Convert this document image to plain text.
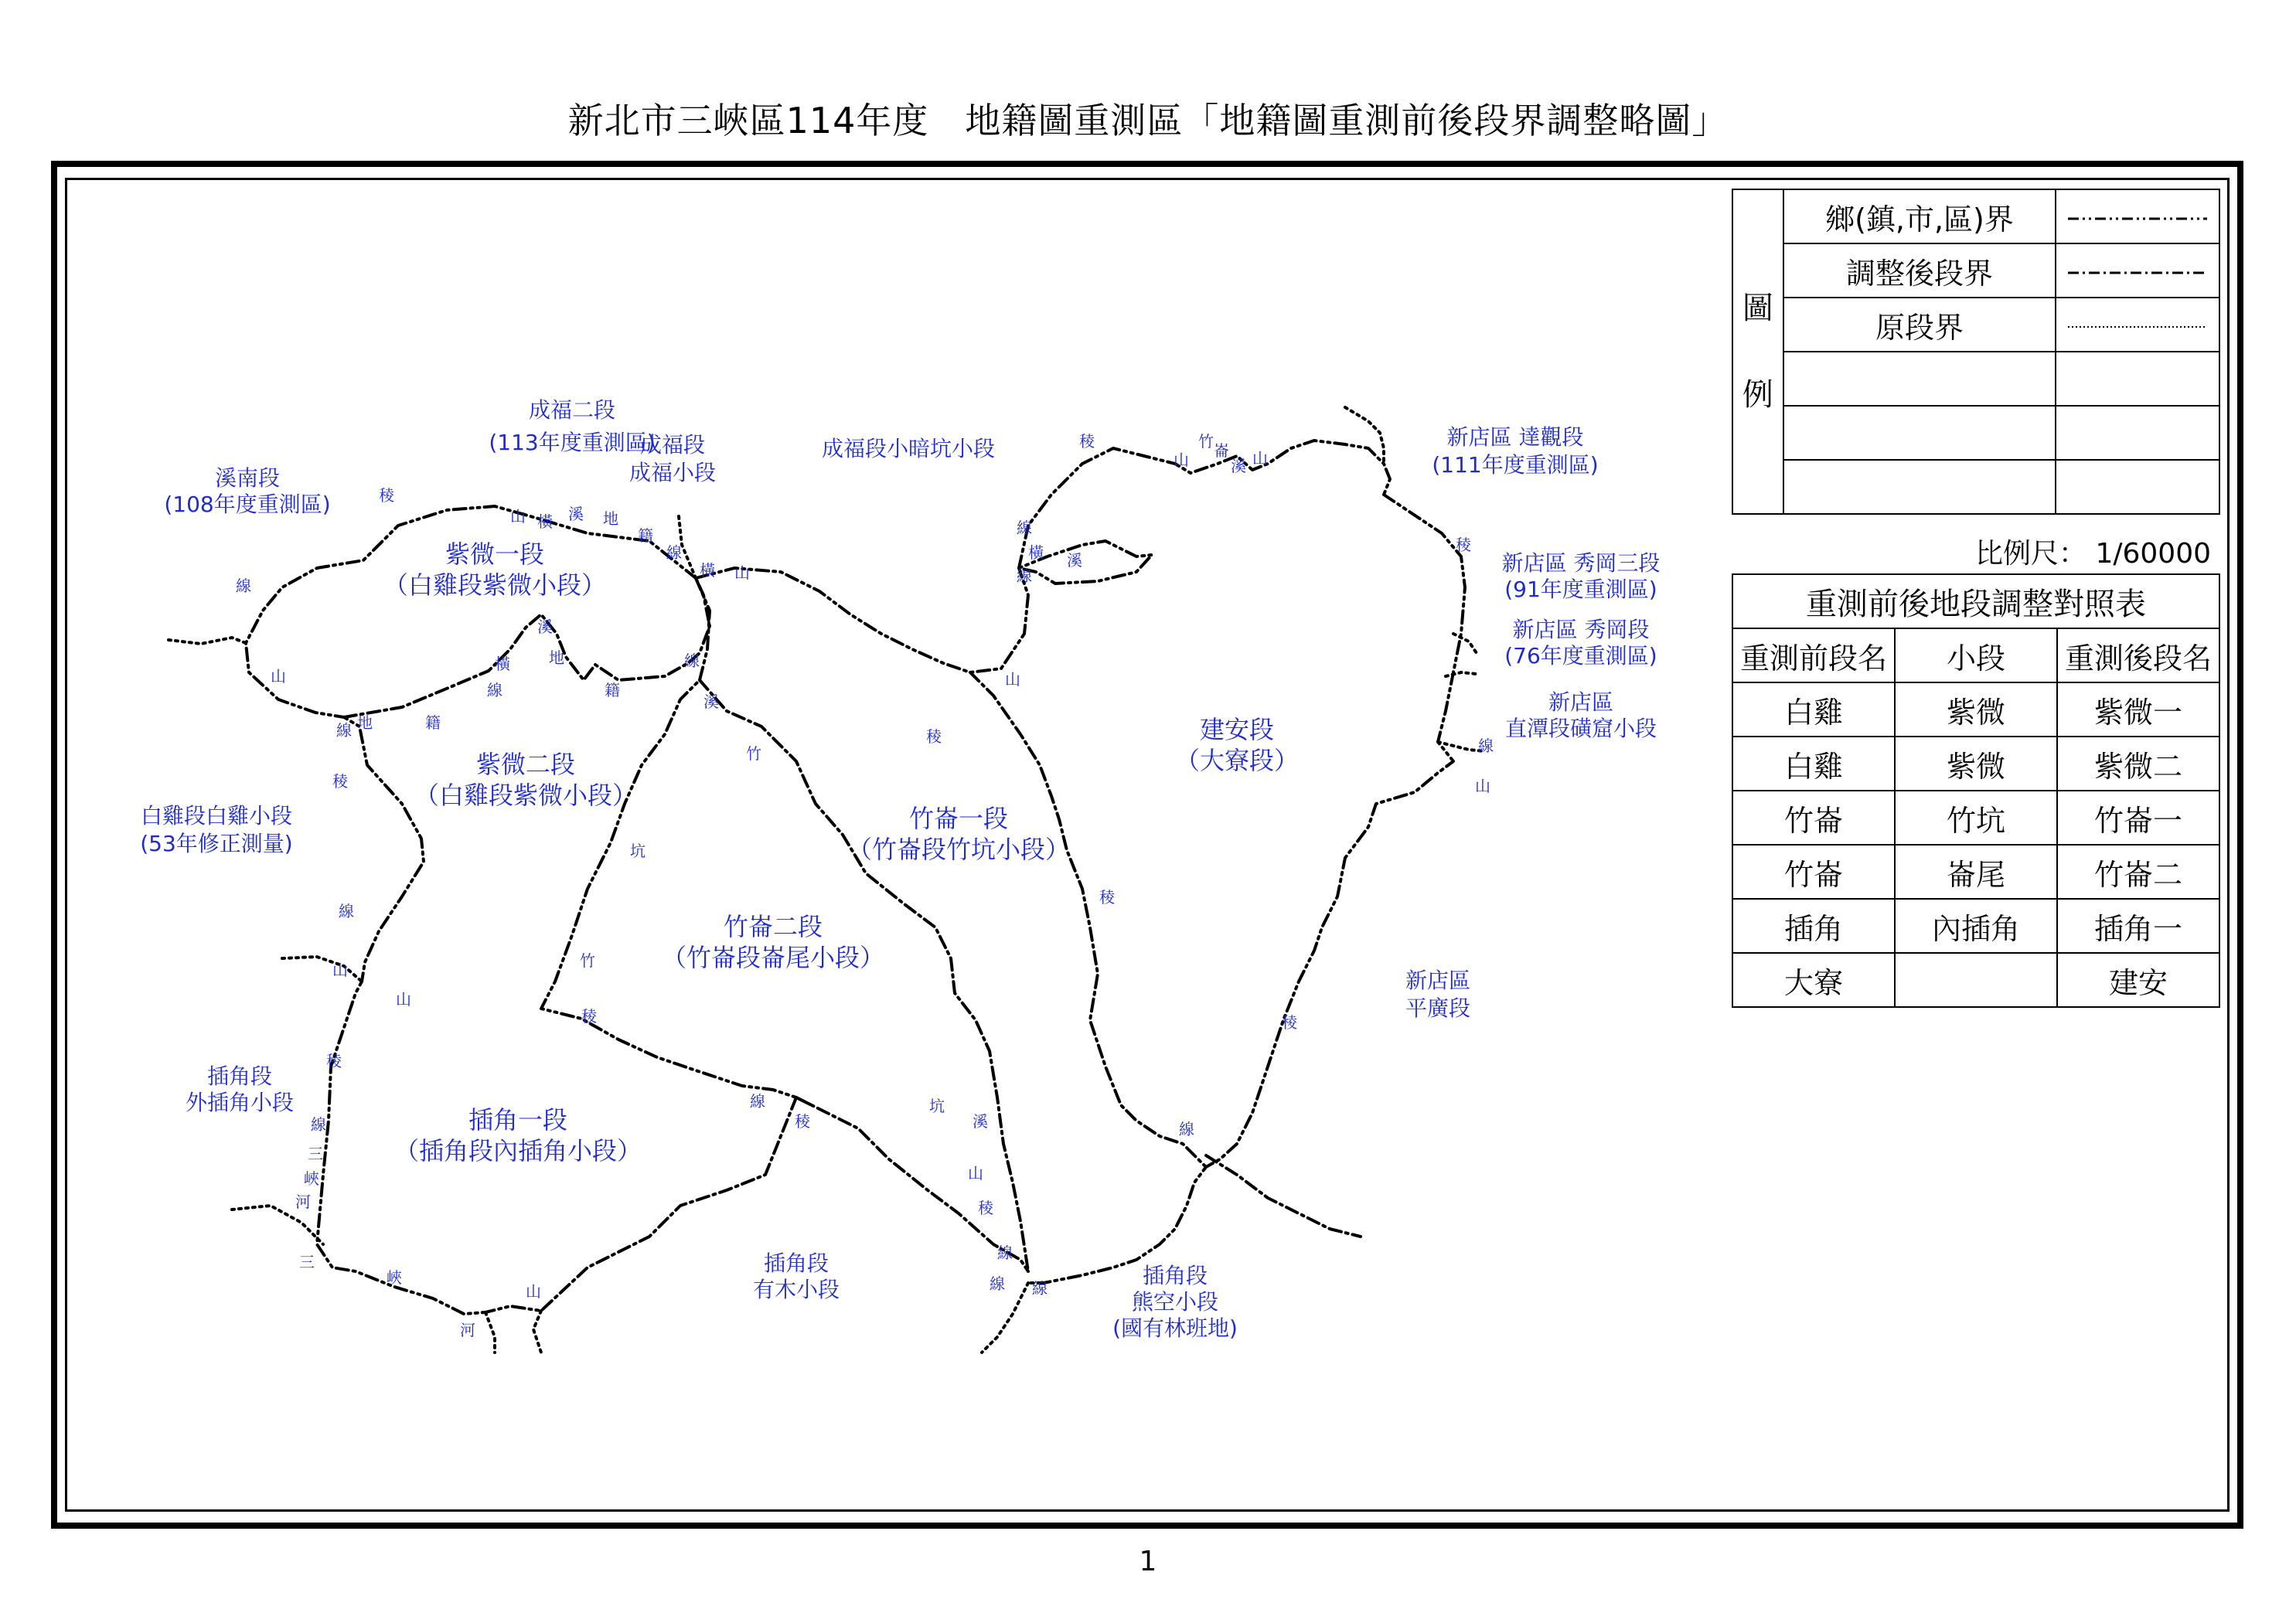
新北市三峽區114年度　地籍圖重測區「地籍圖重測前後段界調整略圖」
紫微一段
（白雞段紫微小段）
紫微二段
（白雞段紫微小段）
竹崙一段
（竹崙段竹坑小段）
竹崙二段
（竹崙段崙尾小段）
插角一段
（插角段內插角小段）
建安段
（大寮段）
成福二段
(113年度重測區)
成福段
成福小段
溪南段
(108年度重測區)
成福段小暗坑小段	新店區 達觀段
(111年度重測區)
新店區 秀岡三段
(91年度重測區)
新店區 秀岡段
(76年度重測區)
新店區
直潭段磺窟小段
白雞段白雞小段
(53年修正測量)
新店區
平廣段
插角段
外插角小段
插角段
有木小段
插角段
熊空小段
(國有林班地)
稜
線
山
線 地	籍
稜
山 橫 溪 地
籍
線
橫 山
溪
地
橫
線	籍
線
溪
竹
坑
線
山
山
稜
稜
線
三
峽
河
三
峽
山
河
線
稜	溪
山
稜
線
線 線
坑
稜
山
線
橫 溪
線
稜
山
竹 崙
溪 山
稜
線
山
稜
稜
線
竹
圖

例	鄉(鎮,市,區)界	
	調整後段界	
	原段界	

比例尺： 1/60000
重測前後地段調整對照表		
重測前段名	小段	重測後段名
白雞	紫微	紫微一
白雞	紫微	紫微二
竹崙	竹坑	竹崙一
竹崙	崙尾	竹崙二
插角	內插角	插角一
大寮		建安
1
